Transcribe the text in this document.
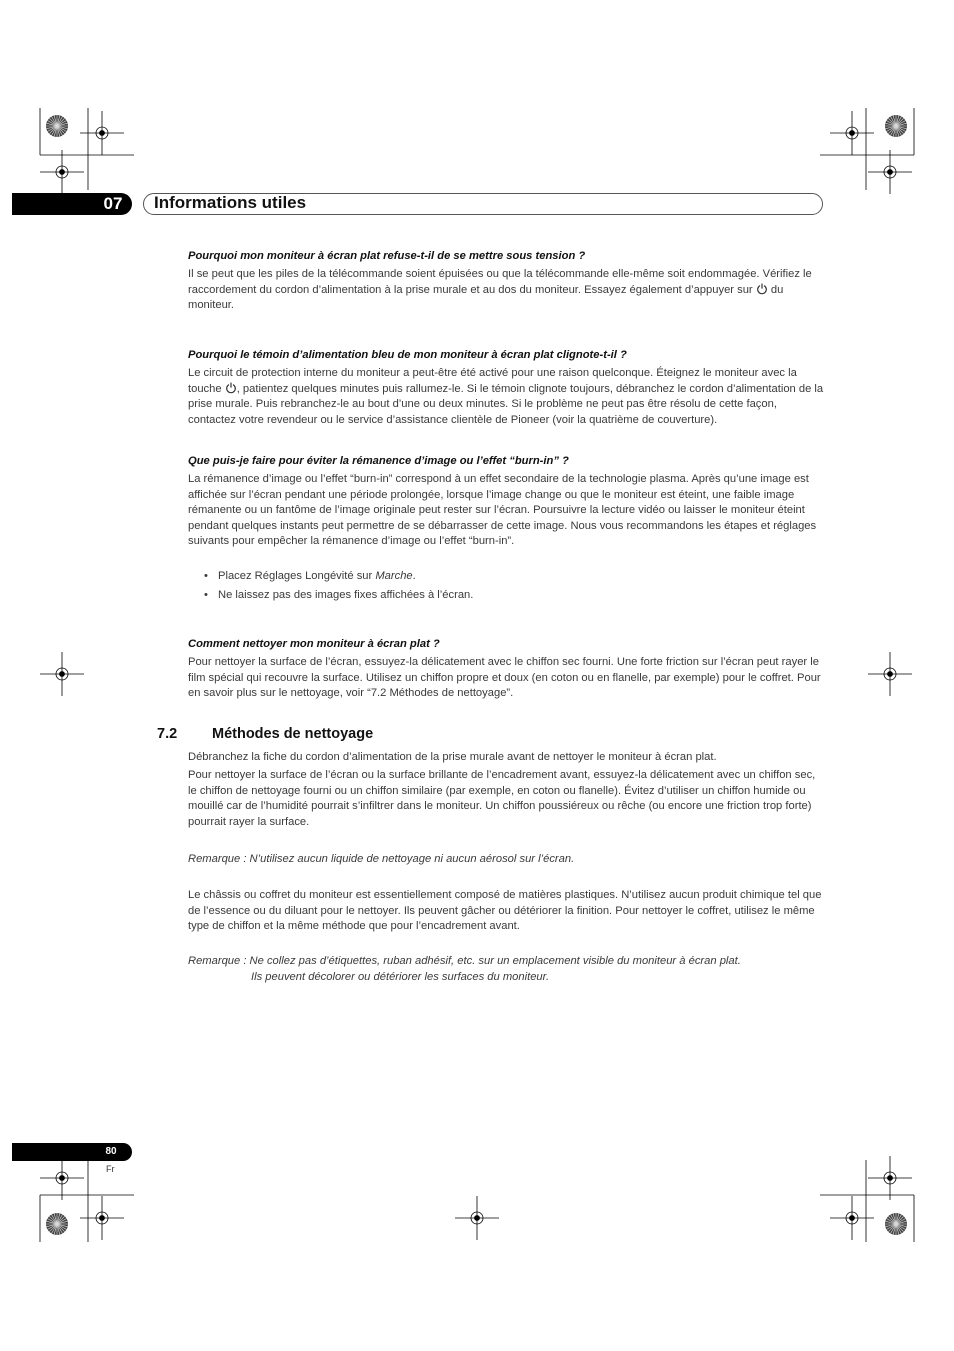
07	Informations utiles
Pourquoi mon moniteur à écran plat refuse-t-il de se mettre sous tension ?
Il se peut que les piles de la télécommande soient épuisées ou que la télécommande elle-même soit endommagée. Vérifiez le raccordement du cordon d’alimentation à la prise murale et au dos du moniteur. Essayez également d’appuyer sur  du moniteur.
Pourquoi le témoin d’alimentation bleu de mon moniteur à écran plat clignote-t-il ?
Le circuit de protection interne du moniteur a peut-être été activé pour une raison quelconque. Éteignez le moniteur avec la touche , patientez quelques minutes puis rallumez-le. Si le témoin clignote toujours, débranchez le cordon d’alimentation de la prise murale. Puis rebranchez-le au bout d’une ou deux minutes. Si le problème ne peut pas être résolu de cette façon, contactez votre revendeur ou le service d’assistance clientèle de Pioneer (voir la quatrième de couverture).
Que puis-je faire pour éviter la rémanence d’image ou l’effet “burn-in” ?
La rémanence d’image ou l’effet “burn-in” correspond à un effet secondaire de la technologie plasma. Après qu’une image est affichée sur l’écran pendant une période prolongée, lorsque l’image change ou que le moniteur est éteint, une faible image rémanente ou un fantôme de l’image originale peut rester sur l’écran. Poursuivre la lecture vidéo ou laisser le moniteur éteint pendant quelques instants peut permettre de se débarrasser de cette image. Nous vous recommandons les étapes et réglages suivants pour empêcher la rémanence d’image ou l’effet “burn-in”.
• Placez Réglages Longévité sur Marche.
• Ne laissez pas des images fixes affichées à l’écran.
Comment nettoyer mon moniteur à écran plat ?
Pour nettoyer la surface de l’écran, essuyez-la délicatement avec le chiffon sec fourni. Une forte friction sur l’écran peut rayer le film spécial qui recouvre la surface. Utilisez un chiffon propre et doux (en coton ou en flanelle, par exemple) pour le coffret. Pour en savoir plus sur le nettoyage, voir “7.2 Méthodes de nettoyage”.
7.2 Méthodes de nettoyage
Débranchez la fiche du cordon d’alimentation de la prise murale avant de nettoyer le moniteur à écran plat.
Pour nettoyer la surface de l’écran ou la surface brillante de l’encadrement avant, essuyez-la délicatement avec un chiffon sec, le chiffon de nettoyage fourni ou un chiffon similaire (par exemple, en coton ou flanelle). Évitez d’utiliser un chiffon humide ou mouillé car de l’humidité pourrait s’infiltrer dans le moniteur. Un chiffon poussiéreux ou rêche (ou encore une friction trop forte) pourrait rayer la surface.
Remarque : N’utilisez aucun liquide de nettoyage ni aucun aérosol sur l’écran.
Le châssis ou coffret du moniteur est essentiellement composé de matières plastiques. N’utilisez aucun produit chimique tel que de l’essence ou du diluant pour le nettoyer. Ils peuvent gâcher ou détériorer la finition. Pour nettoyer le coffret, utilisez le même type de chiffon et la même méthode que pour l’encadrement avant.
Remarque : Ne collez pas d’étiquettes, ruban adhésif, etc. sur un emplacement visible du moniteur à écran plat.
Ils peuvent décolorer ou détériorer les surfaces du moniteur.
80
Fr
